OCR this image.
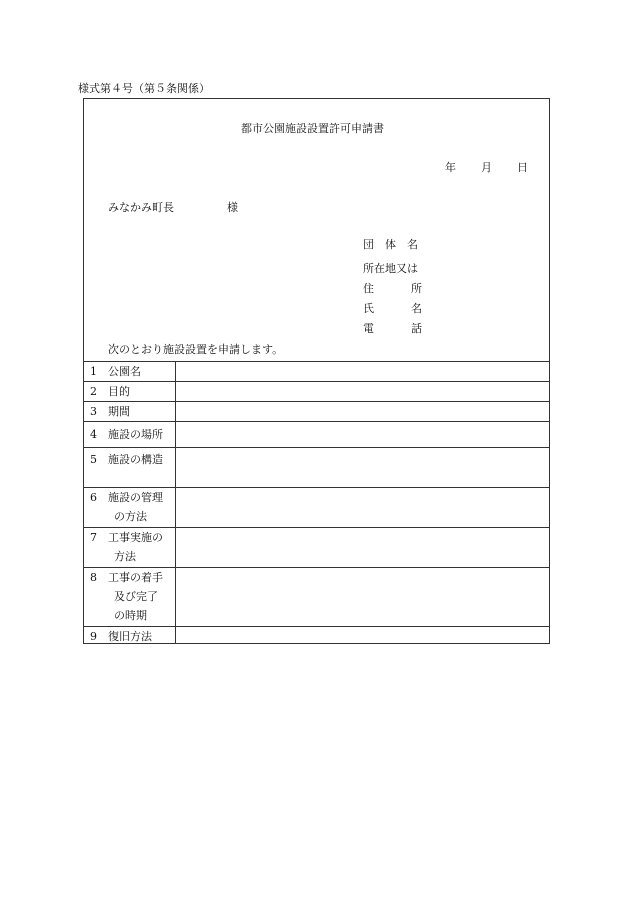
様式第４号（第５条関係）
都市公園施設設置許可申請書
年 月 日
みなかみ町長	様
団　体　名
所在地又は
住	所
氏	名
電	話
次のとおり施設設置を申請します。
1 公園名
2 目的
3 期間
4 施設の場所
5 施設の構造
6 施設の管理
の方法
7 工事実施の
方法
8 工事の着手
及び完了
の時期
9 復旧方法
